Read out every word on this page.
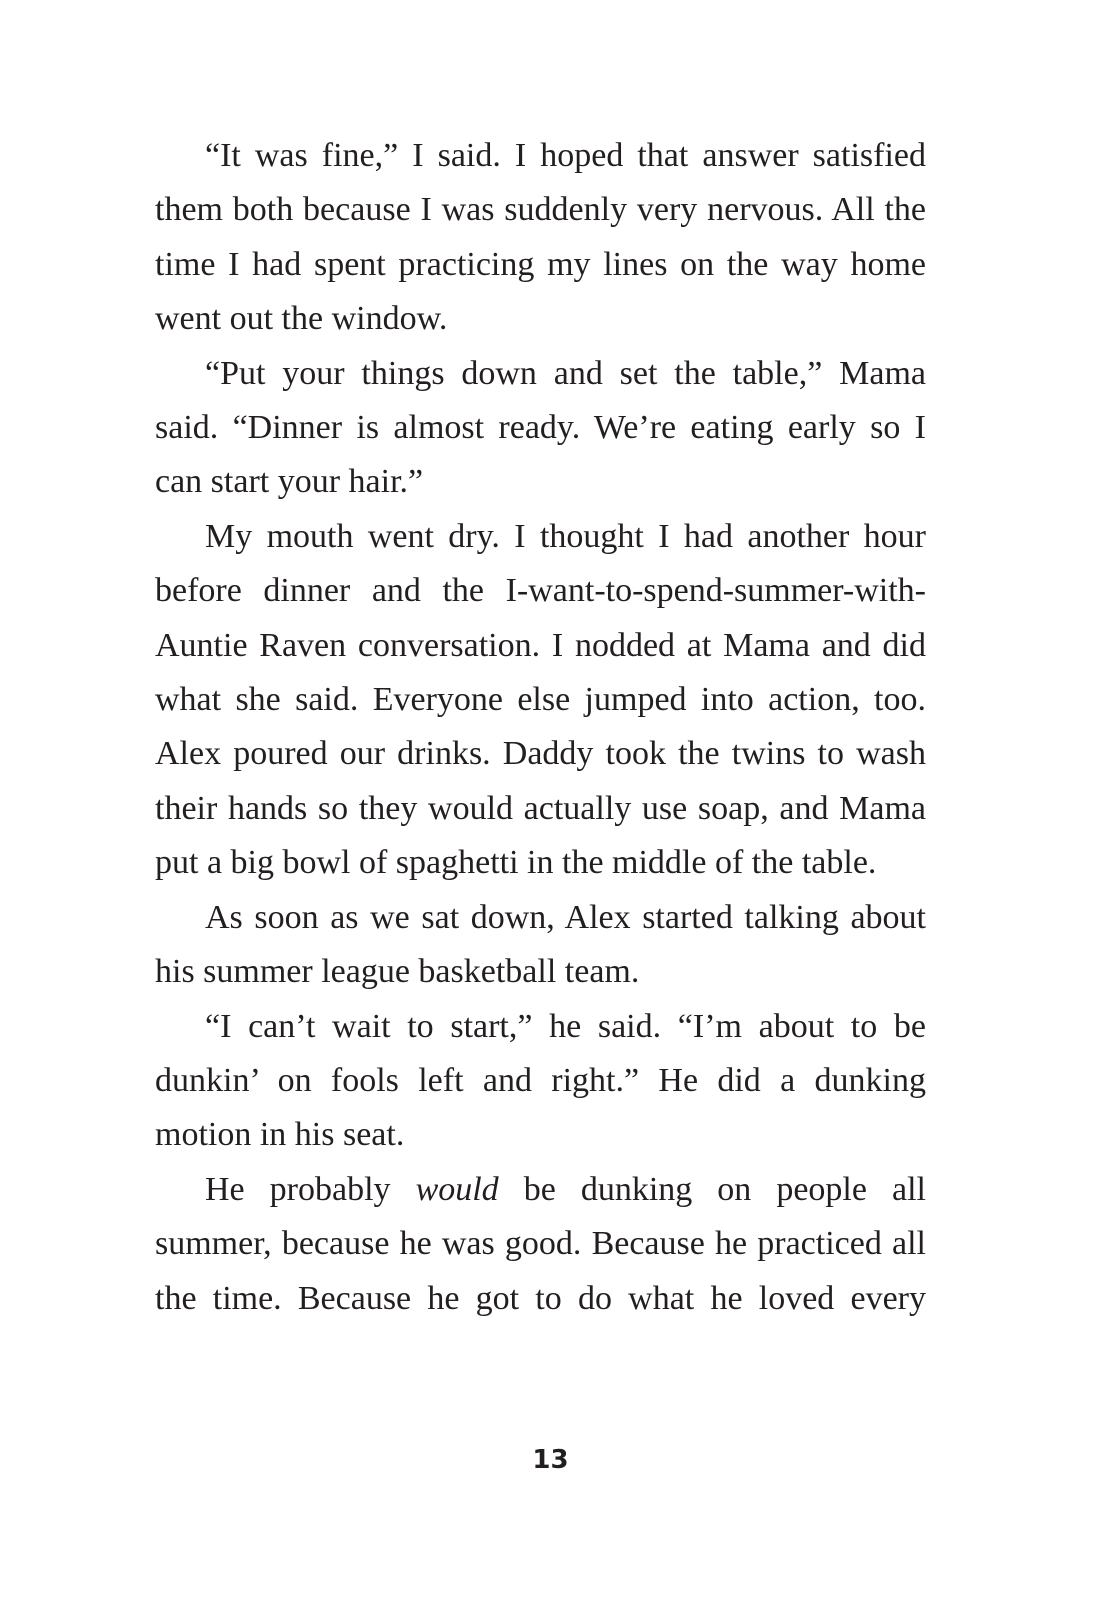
“It was fine,” I said. I hoped that answer satisfied them both because I was suddenly very nervous. All the time I had spent practicing my lines on the way home went out the window.

“Put your things down and set the table,” Mama said. “Dinner is almost ready. We’re eating early so I can start your hair.”

My mouth went dry. I thought I had another hour before dinner and the I-want-to-spend-summer-with-Auntie Raven conversation. I nodded at Mama and did what she said. Everyone else jumped into action, too. Alex poured our drinks. Daddy took the twins to wash their hands so they would actually use soap, and Mama put a big bowl of spaghetti in the middle of the table.

As soon as we sat down, Alex started talking about his summer league basketball team.

“I can’t wait to start,” he said. “I’m about to be dunkin’ on fools left and right.” He did a dunking motion in his seat.

He probably would be dunking on people all summer, because he was good. Because he practiced all the time. Because he got to do what he loved every

13
